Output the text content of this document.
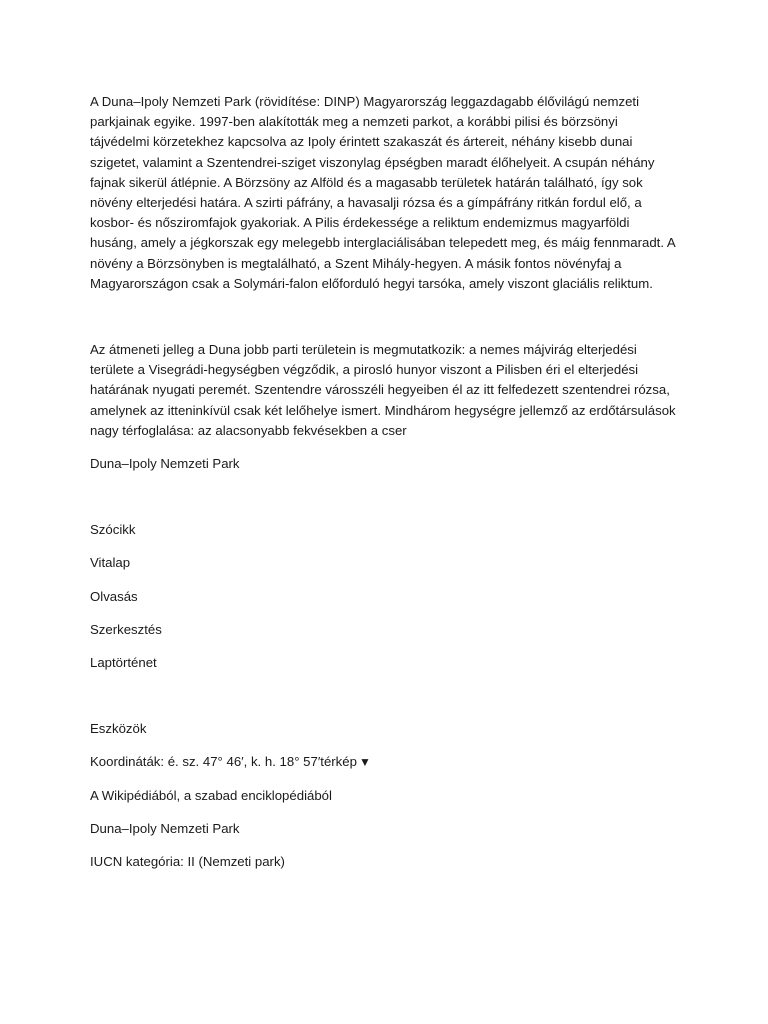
A Duna–Ipoly Nemzeti Park (rövidítése: DINP) Magyarország leggazdagabb élővilágú nemzeti parkjainak egyike. 1997-ben alakították meg a nemzeti parkot, a korábbi pilisi és börzsönyi tájvédelmi körzetekhez kapcsolva az Ipoly érintett szakaszát és ártereit, néhány kisebb dunai szigetet, valamint a Szentendrei-sziget viszonylag épségben maradt élőhelyeit. A csupán néhány fajnak sikerül átlépnie. A Börzsöny az Alföld és a magasabb területek határán található, így sok növény elterjedési határa. A szirti páfrány, a havasalji rózsa és a gímpáfrány ritkán fordul elő, a kosbor- és nősziromfajok gyakoriak. A Pilis érdekessége a reliktum endemizmus magyarföldi husáng, amely a jégkorszak egy melegebb interglaciálisában telepedett meg, és máig fennmaradt. A növény a Börzsönyben is megtalálható, a Szent Mihály-hegyen. A másik fontos növényfaj a Magyarországon csak a Solymári-falon előforduló hegyi tarsóka, amely viszont glaciális reliktum.

Az átmeneti jelleg a Duna jobb parti területein is megmutatkozik: a nemes májvirág elterjedési területe a Visegrádi-hegységben végződik, a pirosló hunyor viszont a Pilisben éri el elterjedési határának nyugati peremét. Szentendre városszéli hegyeiben él az itt felfedezett szentendrei rózsa, amelynek az itteninkívül csak két lelőhelye ismert. Mindhárom hegységre jellemző az erdőtársulások nagy térfoglalása: az alacsonyabb fekvésekben a cser

Duna–Ipoly Nemzeti Park

Szócikk

Vitalap

Olvasás

Szerkesztés

Laptörténet

Eszközök

Koordináták: é. sz. 47° 46′, k. h. 18° 57′térkép ▼

A Wikipédiából, a szabad enciklopédiából

Duna–Ipoly Nemzeti Park

IUCN kategória: II (Nemzeti park)
